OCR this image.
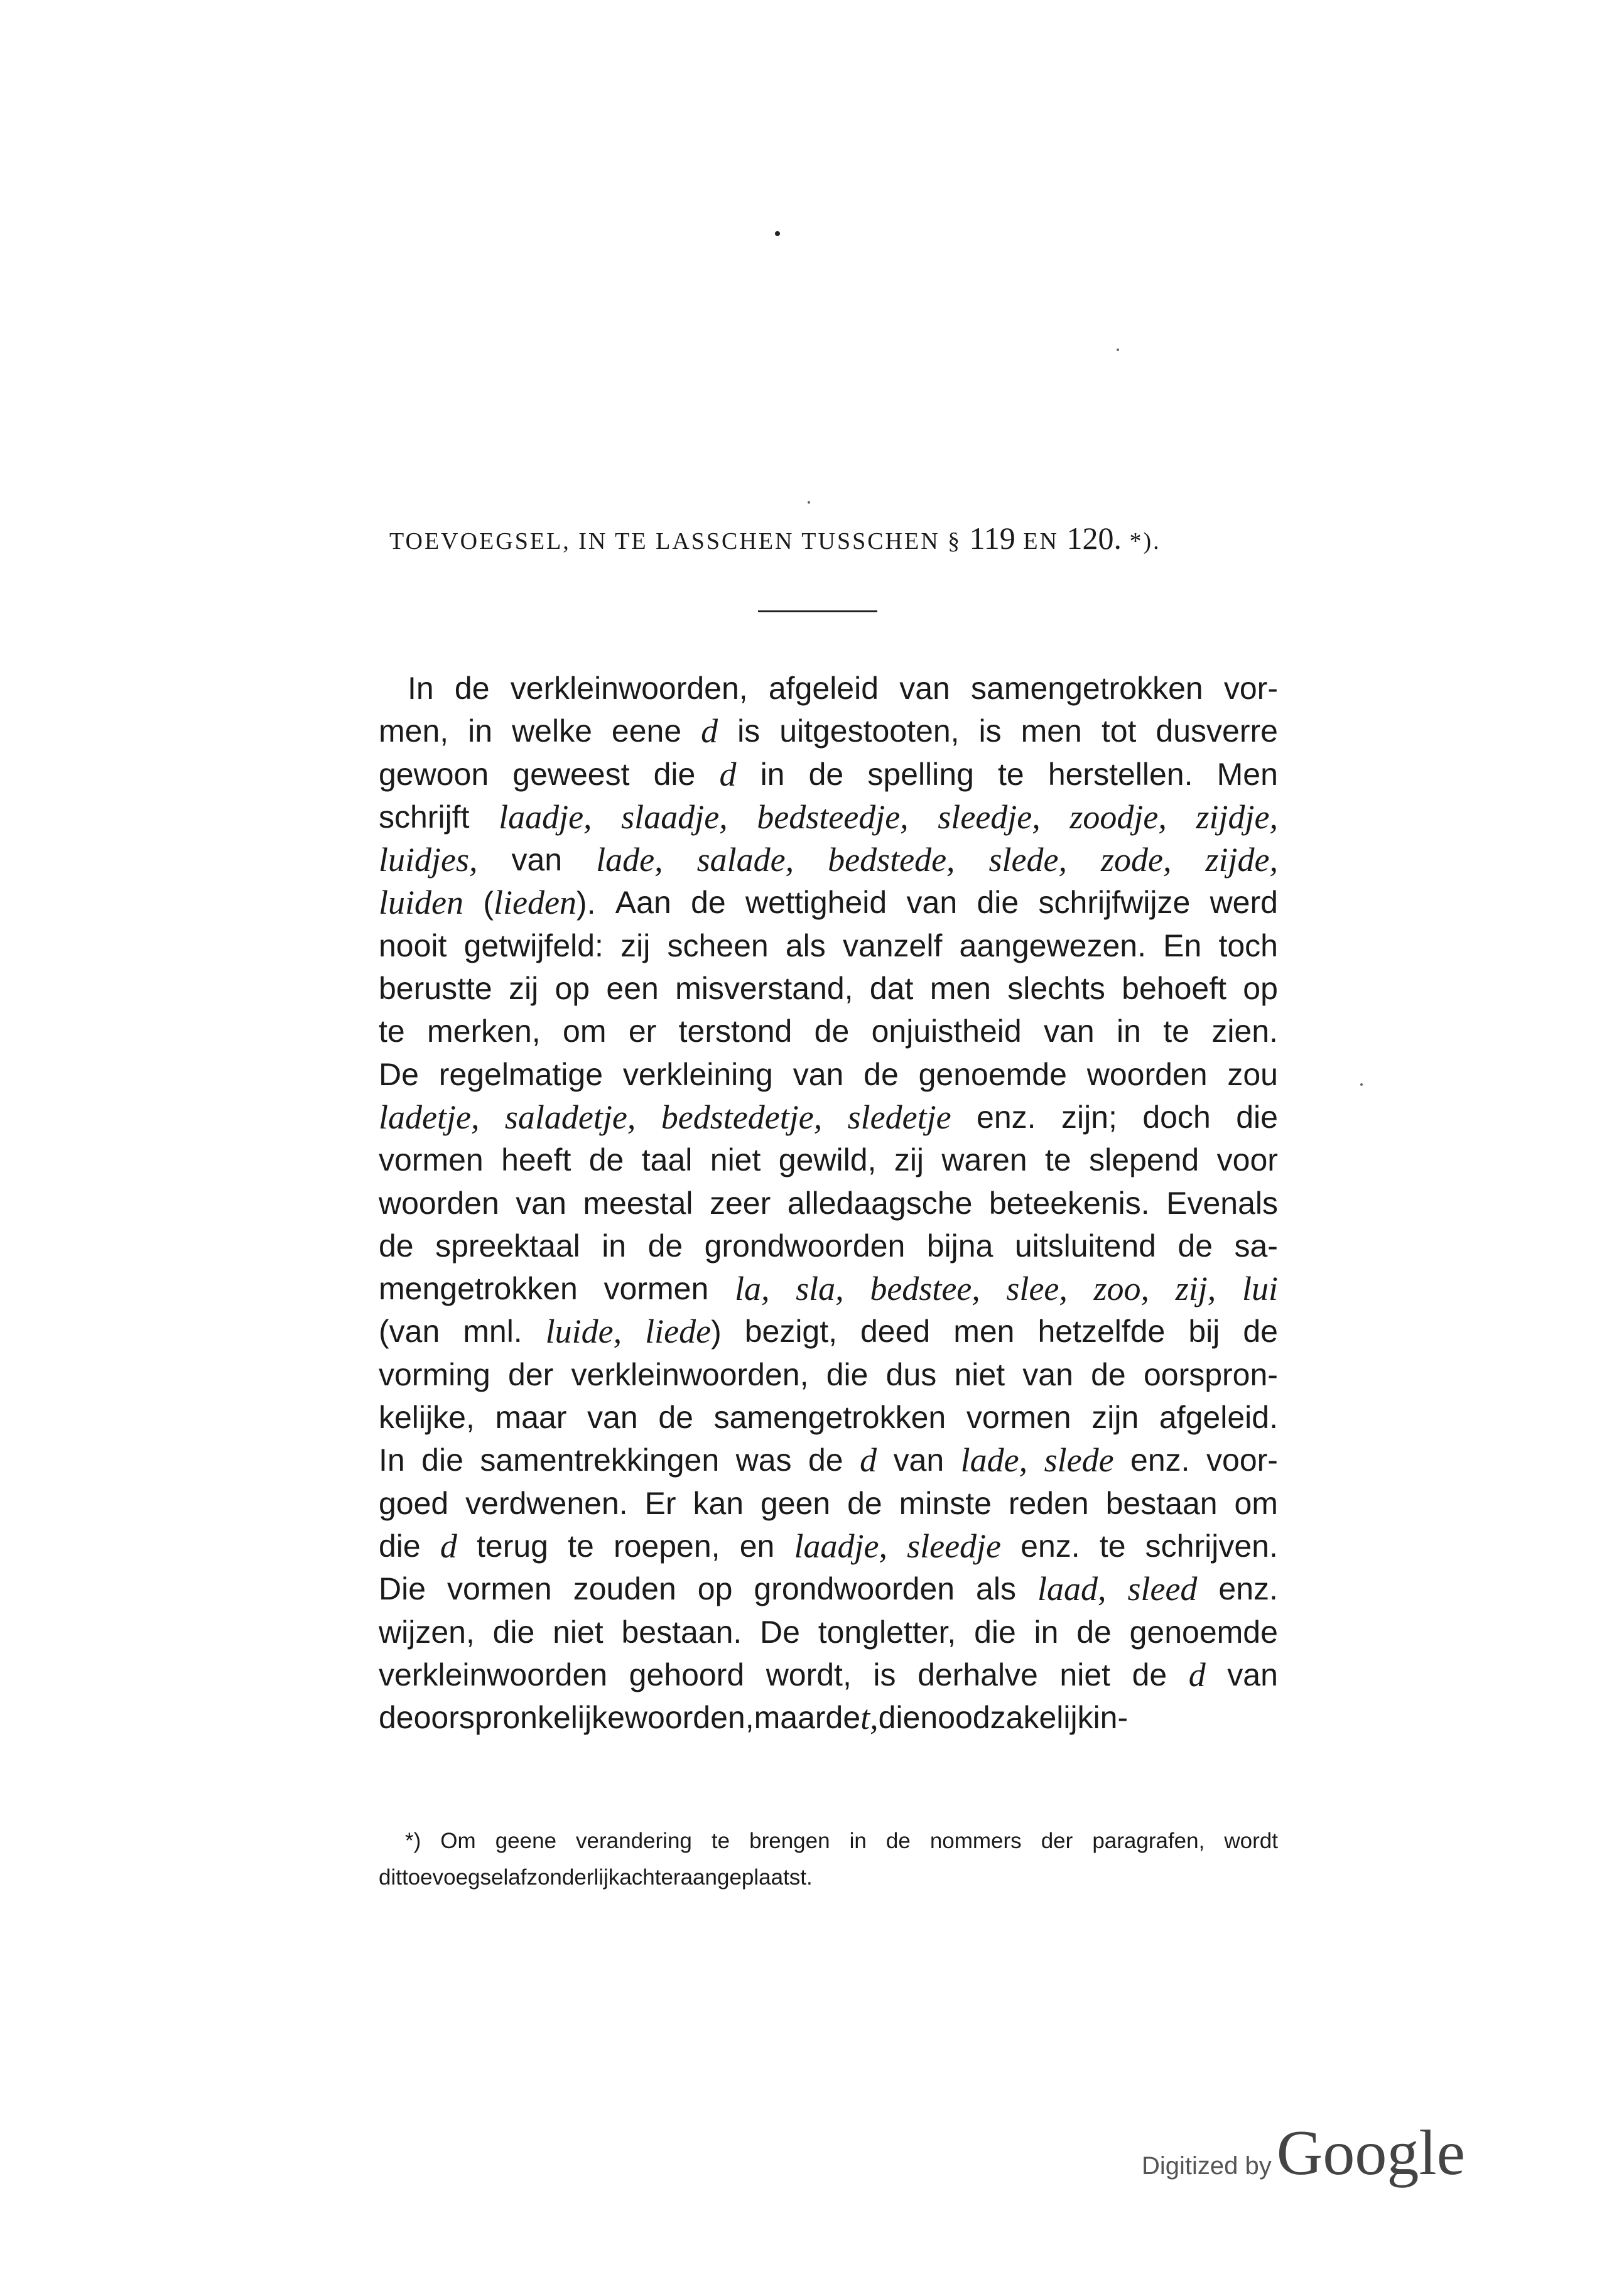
TOEVOEGSEL, IN TE LASSCHEN TUSSCHEN § 119 EN 120. *).
In de verkleinwoorden, afgeleid van samengetrokken vor-
men, in welke eene d is uitgestooten, is men tot dusverre
gewoon geweest die d in de spelling te herstellen. Men
schrijft laadje, slaadje, bedsteedje, sleedje, zoodje, zijdje,
luidjes, van lade, salade, bedstede, slede, zode, zijde,
luiden (lieden). Aan de wettigheid van die schrijfwijze werd
nooit getwijfeld: zij scheen als vanzelf aangewezen. En toch
berustte zij op een misverstand, dat men slechts behoeft op
te merken, om er terstond de onjuistheid van in te zien.
De regelmatige verkleining van de genoemde woorden zou
ladetje, saladetje, bedstedetje, sledetje enz. zijn; doch die
vormen heeft de taal niet gewild, zij waren te slepend voor
woorden van meestal zeer alledaagsche beteekenis. Evenals
de spreektaal in de grondwoorden bijna uitsluitend de sa-
mengetrokken vormen la, sla, bedstee, slee, zoo, zij, lui
(van mnl. luide, liede) bezigt, deed men hetzelfde bij de
vorming der verkleinwoorden, die dus niet van de oorspron-
kelijke, maar van de samengetrokken vormen zijn afgeleid.
In die samentrekkingen was de d van lade, slede enz. voor-
goed verdwenen. Er kan geen de minste reden bestaan om
die d terug te roepen, en laadje, sleedje enz. te schrijven.
Die vormen zouden op grondwoorden als laad, sleed enz.
wijzen, die niet bestaan. De tongletter, die in de genoemde
verkleinwoorden gehoord wordt, is derhalve niet de d van
de oorspronkelijke woorden, maar de t, die noodzakelijk in-
*) Om geene verandering te brengen in de nommers der paragrafen, wordt
dit toevoegsel afzonderlijk achteraan geplaatst.
Digitized by Google
